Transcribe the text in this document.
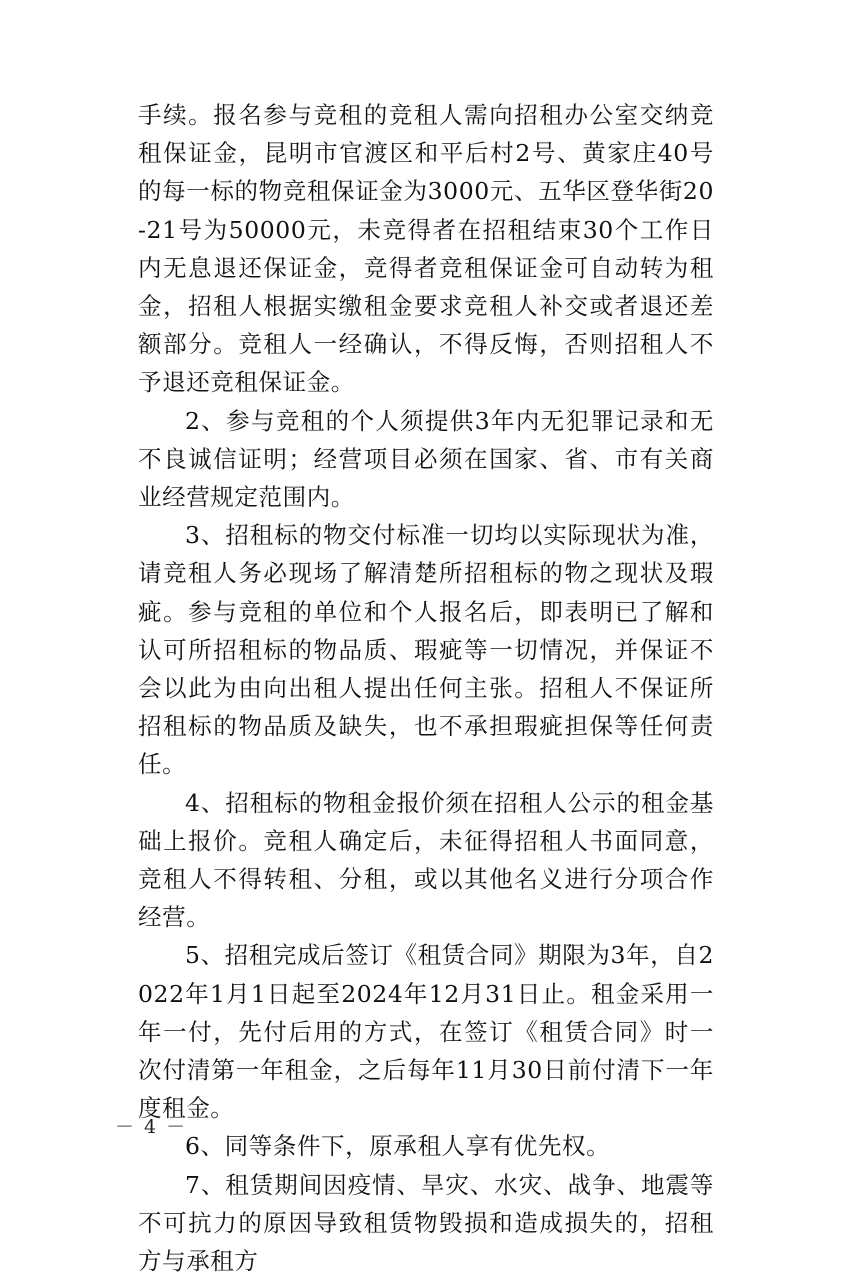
手续。报名参与竞租的竞租人需向招租办公室交纳竞租保证金，昆明市官渡区和平后村2号、黄家庄40号的每一标的物竞租保证金为3000元、五华区登华街20-21号为50000元，未竞得者在招租结束30个工作日内无息退还保证金，竞得者竞租保证金可自动转为租金，招租人根据实缴租金要求竞租人补交或者退还差额部分。竞租人一经确认，不得反悔，否则招租人不予退还竞租保证金。

2、参与竞租的个人须提供3年内无犯罪记录和无不良诚信证明；经营项目必须在国家、省、市有关商业经营规定范围内。

3、招租标的物交付标准一切均以实际现状为准，请竞租人务必现场了解清楚所招租标的物之现状及瑕疵。参与竞租的单位和个人报名后，即表明已了解和认可所招租标的物品质、瑕疵等一切情况，并保证不会以此为由向出租人提出任何主张。招租人不保证所招租标的物品质及缺失，也不承担瑕疵担保等任何责任。

4、招租标的物租金报价须在招租人公示的租金基础上报价。竞租人确定后，未征得招租人书面同意，竞租人不得转租、分租，或以其他名义进行分项合作经营。

5、招租完成后签订《租赁合同》期限为3年，自2022年1月1日起至2024年12月31日止。租金采用一年一付，先付后用的方式，在签订《租赁合同》时一次付清第一年租金，之后每年11月30日前付清下一年度租金。

6、同等条件下，原承租人享有优先权。

7、租赁期间因疫情、旱灾、水灾、战争、地震等不可抗力的原因导致租赁物毁损和造成损失的，招租方与承租方

－ 4 －
